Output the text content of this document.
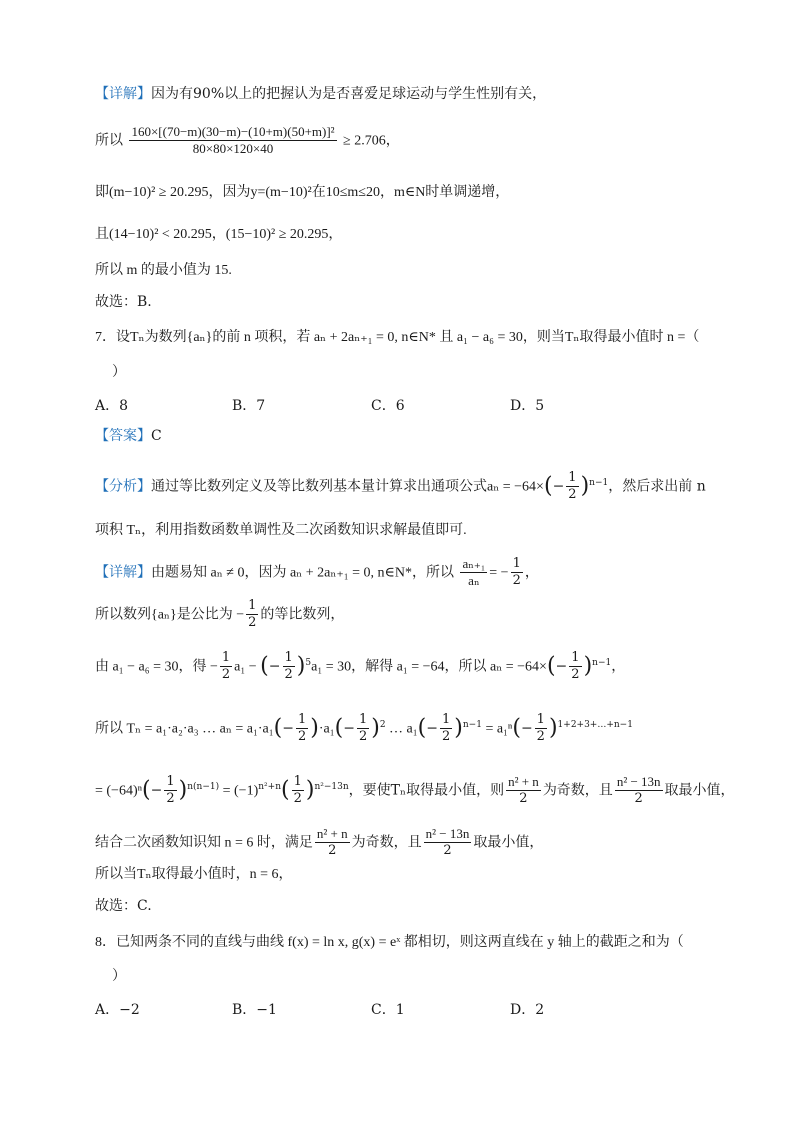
【详解】因为有90%以上的把握认为是否喜爱足球运动与学生性别有关，
所以 $\frac{\text{160×[(70−m)(30−m)−(10+m)(50+m)]²}}{80\times 80\times 120\times 40} \ge 2.706$，
即(m−10)² ≥ 20.295，因为y=(m−10)²在10≤m≤20，m∈N时单调递增，
且(14−10)² < 20.295，(15−10)² ≥ 20.295，
所以 m 的最小值为 15.
故选：B.
7．设Tₙ为数列{aₙ}的前 n 项积，若 aₙ + 2aₙ₊₁ = 0, n∈N* 且 a₁ − a₆ = 30，则当Tₙ取得最小值时 n =（
）
A．8	B．7	C．6	D．5
【答案】C
【分析】通过等比数列定义及等比数列基本量计算求出通项公式$a_n = -64\times(- \frac{1}{2} )^{n-1}$，然后求出前 n
项积 Tₙ，利用指数函数单调性及二次函数知识求解最值即可.
【详解】由题易知 aₙ ≠ 0，因为 aₙ + 2aₙ₊₁ = 0, n∈N*，所以 $\frac{\text{aₙ₊₁}}{\text{aₙ}}$ = − $\frac{1}{2}$ ，
所以数列{aₙ}是公比为 − $\frac{1}{2}$ 的等比数列，
由 a₁ − a₆ = 30，得 − $\frac{1}{2} a_1$ − (− $\frac{1}{2} )^5a_1 = 30$，解得 a₁ = −64，所以 $a_n = -64\times(- \frac{1}{2} )^{n-1}$，
所以 Tₙ = a₁·a₂·a₃ … $a_n = a_1\cdot a_1(- \frac{1}{2} )\cdot a_1(- \frac{1}{2} )^2$ … $a_1(- \frac{1}{2} )^{n-1} = a_1^n(- \frac{1}{2} )^{1+2+3+\dots+n-1}$
= $(-64)^n(- \frac{1}{2} )^{n(n-1)} = (-1)^{n^2+n}( \frac{1}{2} )^{n^2-13n}$，要使Tₙ取得最小值，则 $\frac{\text{n² + n}}{2}$ 为奇数，且 $\frac{\text{n² − 13n}}{2}$ 取最小值，
结合二次函数知识知 n = 6 时，满足 $\frac{\text{n² + n}}{2}$ 为奇数，且 $\frac{\text{n² − 13n}}{2}$ 取最小值，
所以当Tₙ取得最小值时，n = 6，
故选：C.
8．已知两条不同的直线与曲线 f(x) = ln x, g(x) = eˣ 都相切，则这两直线在 y 轴上的截距之和为（
）
A．−2	B．−1	C．1	D．2
